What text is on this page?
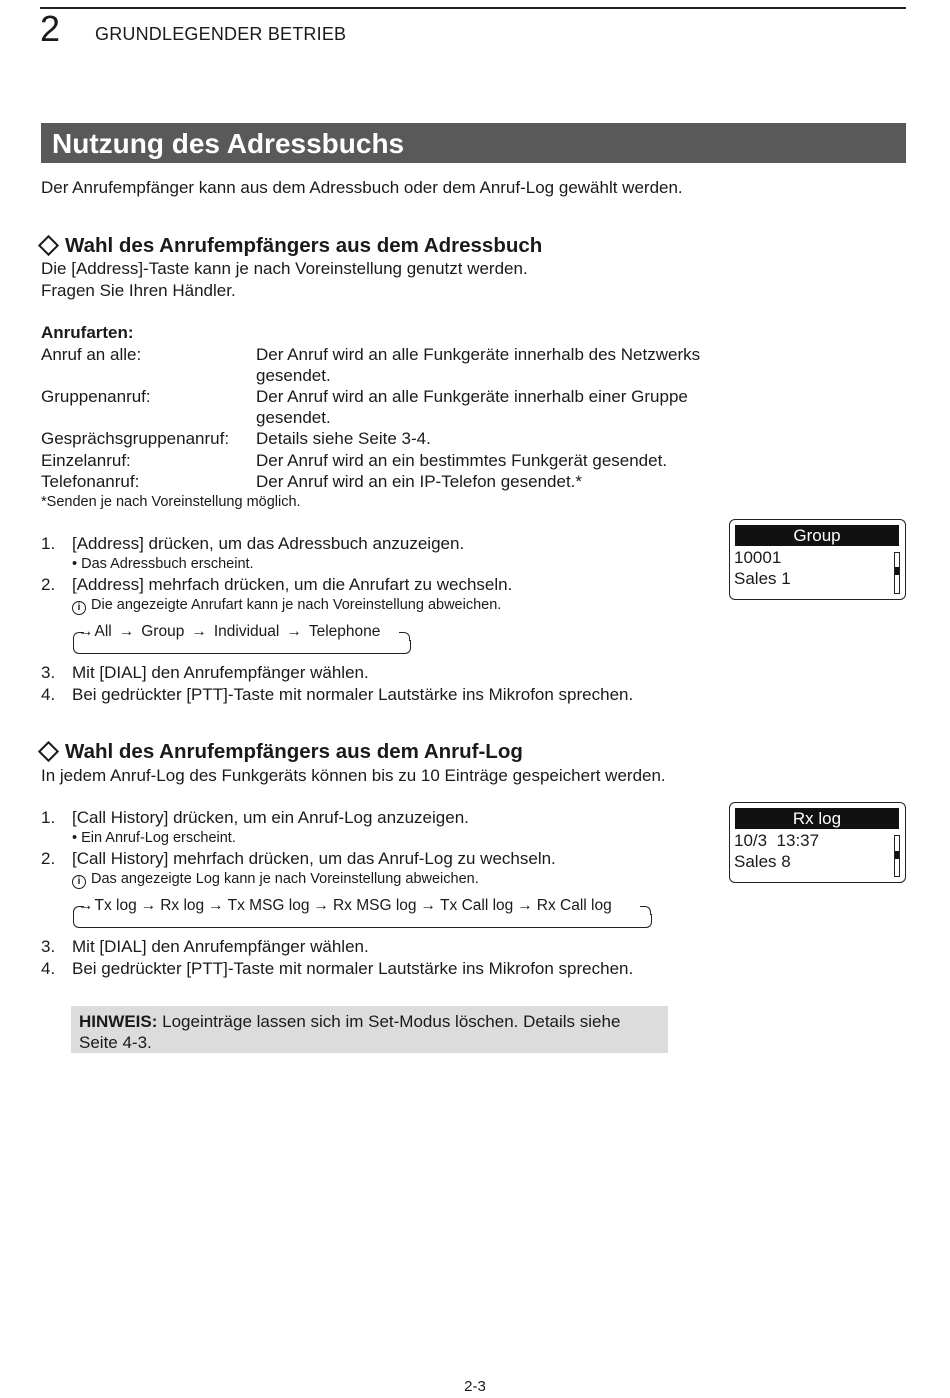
2 GRUNDLEGENDER BETRIEB
Nutzung des Adressbuchs
Der Anrufempfänger kann aus dem Adressbuch oder dem Anruf-Log gewählt werden.
Wahl des Anrufempfängers aus dem Adressbuch
Die [Address]-Taste kann je nach Voreinstellung genutzt werden.
Fragen Sie Ihren Händler.
Anrufarten:
Anruf an alle:	Der Anruf wird an alle Funkgeräte innerhalb des Netzwerks
gesendet.
Gruppenanruf:	Der Anruf wird an alle Funkgeräte innerhalb einer Gruppe
gesendet.
Gesprächsgruppenanruf: Details siehe Seite 3-4.
Einzelanruf:	Der Anruf wird an ein bestimmtes Funkgerät gesendet.
Telefonanruf:	Der Anruf wird an ein IP-Telefon gesendet.*
*Senden je nach Voreinstellung möglich.
1. [Address] drücken, um das Adressbuch anzuzeigen.
• Das Adressbuch erscheint.
2. [Address] mehrfach drücken, um die Anrufart zu wechseln.
i Die angezeigte Anrufart kann je nach Voreinstellung abweichen.
→All → Group → Individual → Telephone
3. Mit [DIAL] den Anrufempfänger wählen.
4. Bei gedrückter [PTT]-Taste mit normaler Lautstärke ins Mikrofon sprechen.
Group
10001
Sales 1
Wahl des Anrufempfängers aus dem Anruf-Log
In jedem Anruf-Log des Funkgeräts können bis zu 10 Einträge gespeichert werden.
1. [Call History] drücken, um ein Anruf-Log anzuzeigen.
• Ein Anruf-Log erscheint.
2. [Call History] mehrfach drücken, um das Anruf-Log zu wechseln.
i Das angezeigte Log kann je nach Voreinstellung abweichen.
→Tx log → Rx log → Tx MSG log → Rx MSG log → Tx Call log → Rx Call log
3. Mit [DIAL] den Anrufempfänger wählen.
4. Bei gedrückter [PTT]-Taste mit normaler Lautstärke ins Mikrofon sprechen.
Rx log
10/3  13:37
Sales 8
HINWEIS: Logeinträge lassen sich im Set-Modus löschen. Details siehe
Seite 4-3.
2-3
